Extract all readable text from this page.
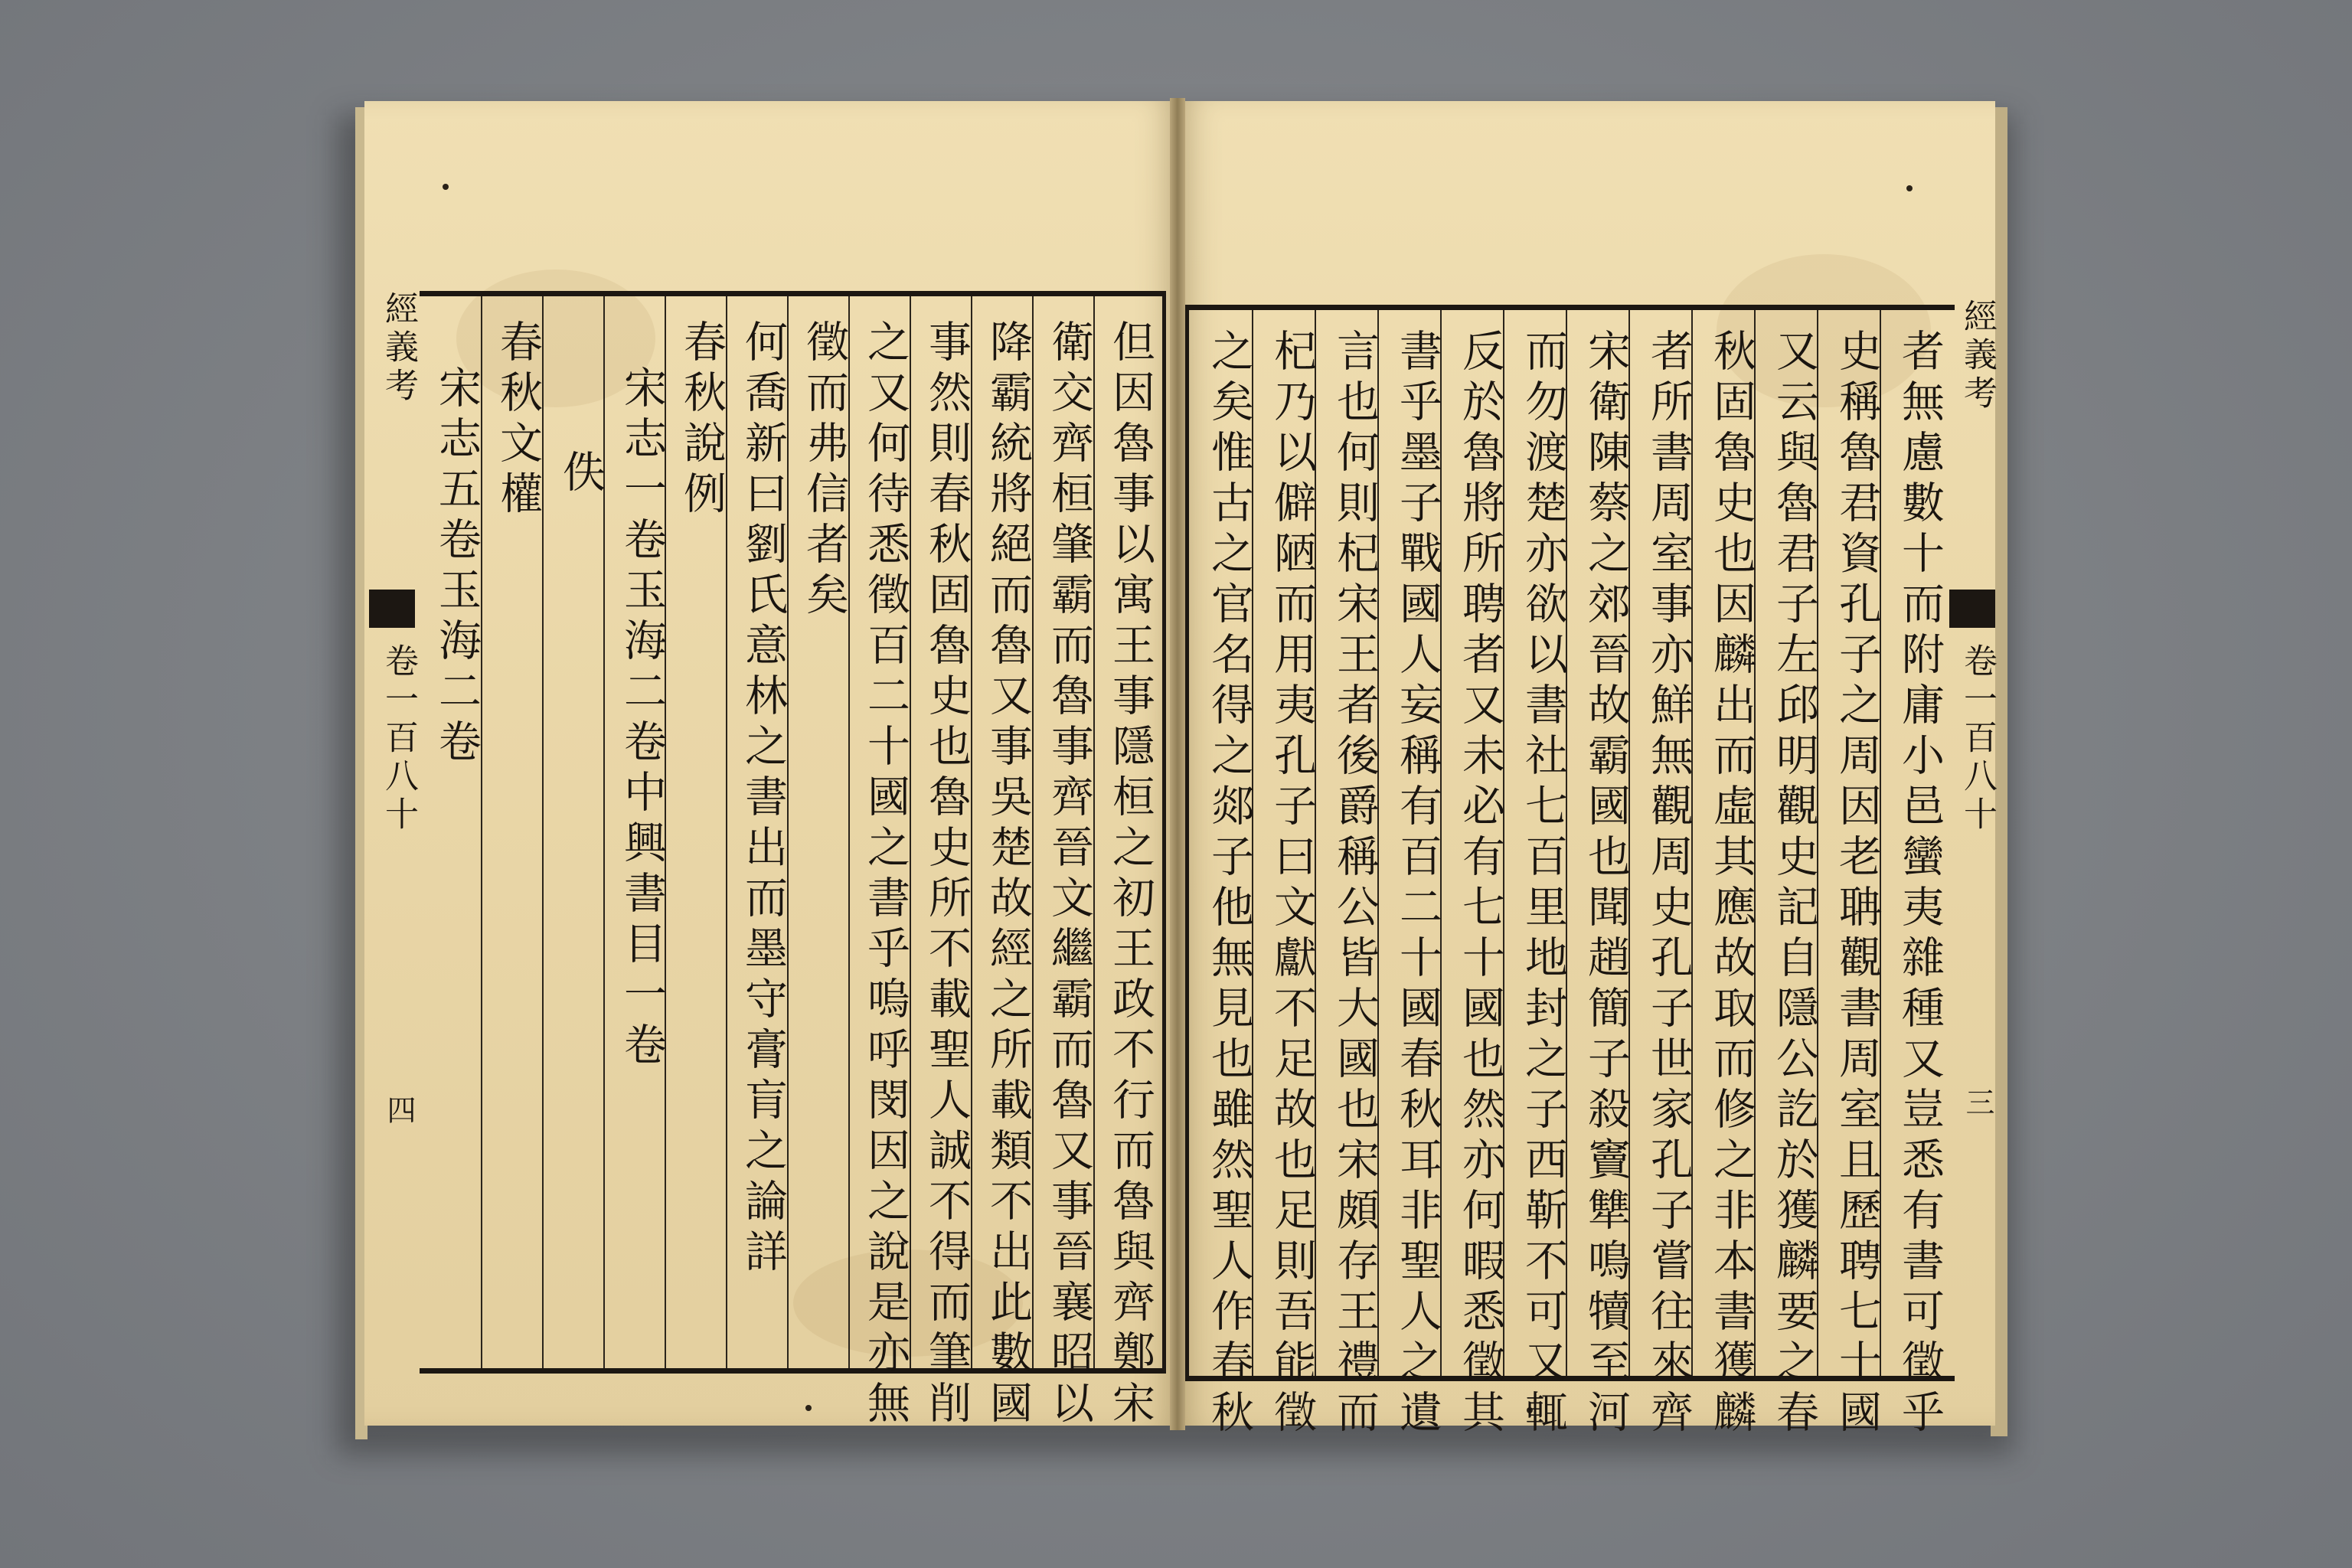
但因魯事以寓王事隱桓之初王政不行而魯與齊鄭宋
衛交齊桓肇霸而魯事齊晉文繼霸而魯又事晉襄昭以
降霸統將絕而魯又事吳楚故經之所載類不出此數國
事然則春秋固魯史也魯史所不載聖人誠不得而筆削
之又何待悉徵百二十國之書乎嗚呼閔因之說是亦無
徵而弗信者矣
何喬新曰劉氏意林之書出而墨守膏肓之論詳
春秋說例
宋志一卷玉海二卷中興書目一卷
佚
春秋文權
宋志五卷玉海二卷
經義考
卷一百八十
四	者無慮數十而附庸小邑蠻夷雜種又豈悉有書可徵乎
史稱魯君資孔子之周因老聃觀書周室且歷聘七十國
又云與魯君子左邱明觀史記自隱公訖於獲麟要之春
秋固魯史也因麟出而虛其應故取而修之非本書獲麟
者所書周室事亦鮮無觀周史孔子世家孔子嘗往來齊
宋衛陳蔡之郊晉故霸國也聞趙簡子殺竇犨鳴犢至河
而勿渡楚亦欲以書社七百里地封之子西靳不可又輒
反於魯將所聘者又未必有七十國也然亦何暇悉徵其
書乎墨子戰國人妄稱有百二十國春秋耳非聖人之遺
言也何則杞宋王者後爵稱公皆大國也宋頗存王禮而
杞乃以僻陋而用夷孔子曰文獻不足故也足則吾能徵
之矣惟古之官名得之郯子他無見也雖然聖人作春秋	經義考
卷一百八十
三
